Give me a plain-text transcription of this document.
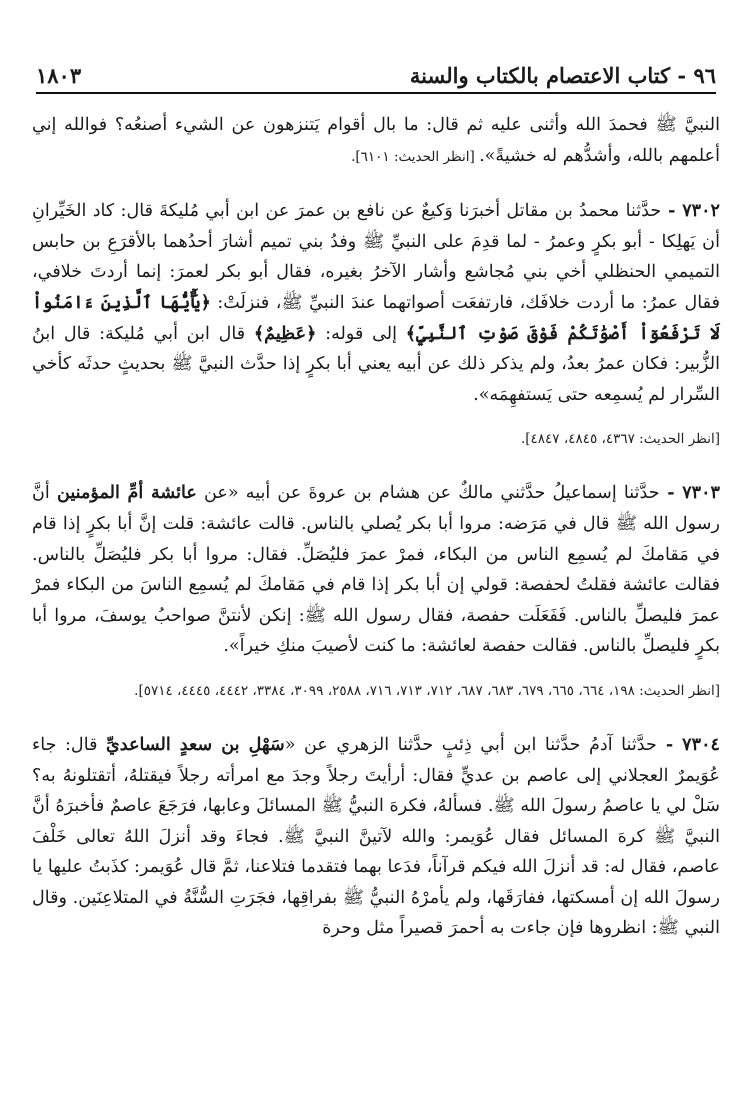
٩٦ - كتاب الاعتصام بالكتاب والسنة
١٨٠٣

النبيَّ ﷺ فحمدَ الله وأثنى عليه ثم قال: ما بال أقوام يَتنزهون عن الشيء أصنعُه؟ فوالله إني أعلمهم بالله، وأشدُّهم له خشيةً». [انظر الحديث: ٦١٠١].

٧٣٠٢ - حدَّثنا محمدُ بن مقاتل أخبرَنا وَكيعٌ عن نافع بن عمرَ عن ابن أبي مُليكةَ قال: كاد الخَيِّرانِ أن يَهلِكا - أبو بكرٍ وعمرُ - لما قدِمَ على النبيِّ ﷺ وفدُ بني تميم أشارَ أحدُهما بالأقرَعِ بن حابس التميمي الحنظلي أخي بني مُجاشع وأشار الآخرُ بغيره، فقال أبو بكر لعمرَ: إنما أردتَ خلافي، فقال عمرُ: ما أردت خلافَك، فارتفعَت أصواتهما عندَ النبيِّ ﷺ، فنزلَتْ: ﴿يَٰٓأَيُّهَا ٱلَّذِينَ ءَامَنُواْ لَا تَرْفَعُوٓاْ أَصْوَٰتَكُمْ فَوْقَ صَوْتِ ٱلنَّبِيِّ﴾ إلى قوله: ﴿عَظِيمٌ﴾ قال ابن أبي مُليكة: قال ابنُ الزُّبير: فكان عمرُ بعدُ، ولم يذكر ذلك عن أبيه يعني أبا بكرٍ إذا حدَّث النبيَّ ﷺ بحديثٍ حدثَه كأخي السِّرار لم يُسمِعه حتى يَستفهِمَه».

[انظر الحديث: ٤٣٦٧، ٤٨٤٥، ٤٨٤٧].

٧٣٠٣ - حدَّثنا إسماعيلُ حدَّثني مالكٌ عن هشام بن عروةَ عن أبيه «عن عائشة أمِّ المؤمنين أنَّ رسول الله ﷺ قال في مَرَضه: مروا أبا بكر يُصلي بالناس. قالت عائشة: قلت إنَّ أبا بكرٍ إذا قام في مَقامكَ لم يُسمِع الناس من البكاء، فمرْ عمرَ فليُصَلِّ. فقال: مروا أبا بكر فليُصَلِّ بالناس. فقالت عائشة فقلتُ لحفصة: قولي إن أبا بكر إذا قام في مَقامكَ لم يُسمِع الناسَ من البكاء فمرْ عمرَ فليصلِّ بالناس. فَفَعَلَت حفصة، فقال رسول الله ﷺ: إنكن لأنتنَّ صواحبُ يوسفَ، مروا أبا بكرٍ فليصلِّ بالناس. فقالت حفصة لعائشة: ما كنت لأصيبَ منكِ خيراً».

[انظر الحديث: ١٩٨، ٦٦٤، ٦٦٥، ٦٧٩، ٦٨٣، ٦٨٧، ٧١٢، ٧١٣، ٧١٦، ٢٥٨٨، ٣٠٩٩، ٣٣٨٤، ٤٤٤٢، ٤٤٤٥، ٥٧١٤].

٧٣٠٤ - حدَّثنا آدمُ حدَّثنا ابن أبي ذِئبٍ حدَّثنا الزهري عن «سَهْلِ بن سعدٍ الساعديِّ قال: جاء عُوَيمرٌ العجلاني إلى عاصم بن عديٍّ فقال: أرأيتَ رجلاً وجدَ مع امرأته رجلاً فيقتلهُ، أتقتلونهُ به؟ سَلْ لي يا عاصمُ رسولَ الله ﷺ. فسألهُ، فكرهَ النبيُّ ﷺ المسائلَ وعابها، فرَجَعَ عاصمٌ فأخبرَهُ أنَّ النبيَّ ﷺ كرهَ المسائل فقال عُوَيمر: والله لآتينَّ النبيَّ ﷺ. فجاءَ وقد أنزلَ اللهُ تعالى خَلْفَ عاصم، فقال له: قد أنزلَ الله فيكم قرآناً، فدَعا بهما فتقدما فتلاعنا، ثمَّ قال عُوَيمر: كذَبتُ عليها يا رسولَ الله إن أمسكتها، ففارَقَها، ولم يأمرْهُ النبيُّ ﷺ بفراقِها، فجَرَتِ السُّنَّةُ في المتلاعِنَين. وقال النبي ﷺ: انظروها فإن جاءت به أحمرَ قصيراً مثل وحرة
